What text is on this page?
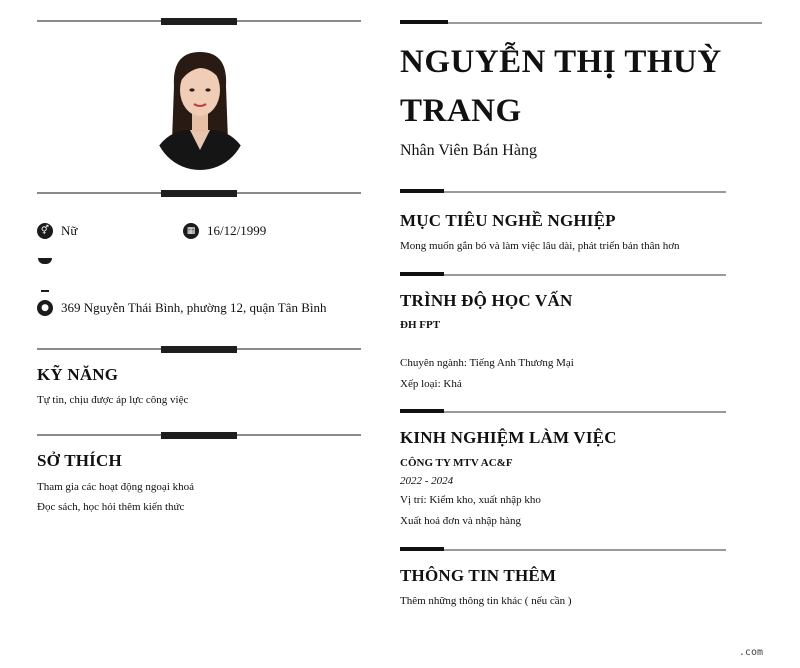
⚥ Nữ	▦ 16/12/1999
● 369 Nguyễn Thái Bình, phường 12, quận Tân Bình
KỸ NĂNG
Tự tin, chịu được áp lực công việc
SỞ THÍCH
Tham gia các hoạt động ngoại khoá
Đọc sách, học hỏi thêm kiến thức
NGUYỄN THỊ THUỲ TRANG
Nhân Viên Bán Hàng
MỤC TIÊU NGHỀ NGHIỆP
Mong muốn gắn bó và làm việc lâu dài, phát triển bản thân hơn
TRÌNH ĐỘ HỌC VẤN
ĐH FPT
Chuyên ngành: Tiếng Anh Thương Mại
Xếp loại: Khá
KINH NGHIỆM LÀM VIỆC
CÔNG TY MTV AC&F
2022 - 2024
Vị trí: Kiểm kho, xuất nhập kho
Xuất hoá đơn và nhập hàng
THÔNG TIN THÊM
Thêm những thông tin khác ( nếu cần )
.com
